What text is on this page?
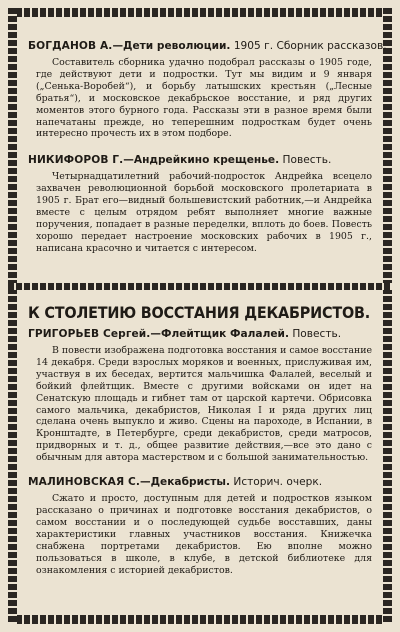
БОГДАНОВ А.—Дети революции. 1905 г. Сборник рассказов.

Составитель сборника удачно подобрал рассказы о 1905 годе, где действуют дети и подростки. Тут мы видим и 9 января („Сенька-Воробей“), и борьбу латышских крестьян („Лесные братья“), и московское декабрьское восстание, и ряд других моментов этого бурного года. Рассказы эти в разное время были напечатаны прежде, но теперешним подросткам будет очень интересно прочесть их в этом подборе.

НИКИФОРОВ Г.—Андрейкино крещенье. Повесть.

Четырнадцатилетний рабочий-подросток Андрейка всецело захвачен революционной борьбой московского пролетариата в 1905 г. Брат его—видный большевистский работник,—и Андрейка вместе с целым отрядом ребят выполняет многие важные поручения, попадает в разные переделки, вплоть до боев. Повесть хорошо передает настроение московских рабочих в 1905 г., написана красочно и читается с интересом.

К СТОЛЕТИЮ ВОССТАНИЯ ДЕКАБРИСТОВ.

ГРИГОРЬЕВ Сергей.—Флейтщик Фалалей. Повесть.

В повести изображена подготовка восстания и самое восстание 14 декабря. Среди взрослых моряков и военных, прислуживая им, участвуя в их беседах, вертится мальчишка Фалалей, веселый и бойкий флейтщик. Вместе с другими войсками он идет на Сенатскую площадь и гибнет там от царской картечи. Обрисовка самого мальчика, декабристов, Николая I и ряда других лиц сделана очень выпукло и живо. Сцены на пароходе, в Испании, в Кронштадте, в Петербурге, среди декабристов, среди матросов, придворных и т. д., общее развитие действия,—все это дано с обычным для автора мастерством и с большой занимательностью.

МАЛИНОВСКАЯ С.—Декабристы. Историч. очерк.

Сжато и просто, доступным для детей и подростков языком рассказано о причинах и подготовке восстания декабристов, о самом восстании и о последующей судьбе восставших, даны характеристики главных участников восстания. Книжечка снабжена портретами декабристов. Ею вполне можно пользоваться в школе, в клубе, в детской библиотеке для ознакомления с историей декабристов.
